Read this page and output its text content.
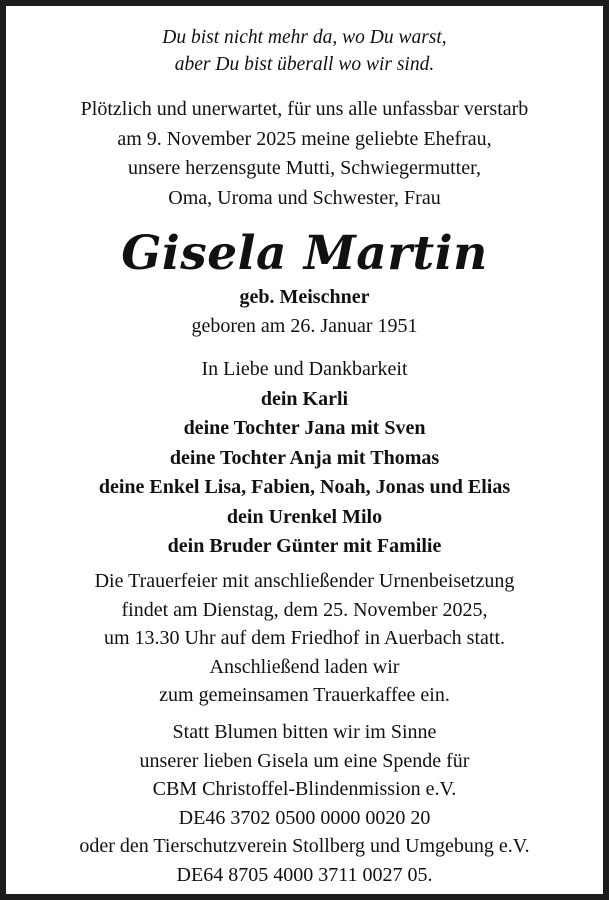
Du bist nicht mehr da, wo Du warst,
aber Du bist überall wo wir sind.
Plötzlich und unerwartet, für uns alle unfassbar verstarb
am 9. November 2025 meine geliebte Ehefrau,
unsere herzensgute Mutti, Schwiegermutter,
Oma, Uroma und Schwester, Frau
Gisela Martin
geb. Meischner
geboren am 26. Januar 1951
In Liebe und Dankbarkeit
dein Karli
deine Tochter Jana mit Sven
deine Tochter Anja mit Thomas
deine Enkel Lisa, Fabien, Noah, Jonas und Elias
dein Urenkel Milo
dein Bruder Günter mit Familie
Die Trauerfeier mit anschließender Urnenbeisetzung
findet am Dienstag, dem 25. November 2025,
um 13.30 Uhr auf dem Friedhof in Auerbach statt.
Anschließend laden wir
zum gemeinsamen Trauerkaffee ein.
Statt Blumen bitten wir im Sinne
unserer lieben Gisela um eine Spende für
CBM Christoffel-Blindenmission e.V.
DE46 3702 0500 0000 0020 20
oder den Tierschutzverein Stollberg und Umgebung e.V.
DE64 8705 4000 3711 0027 05.
